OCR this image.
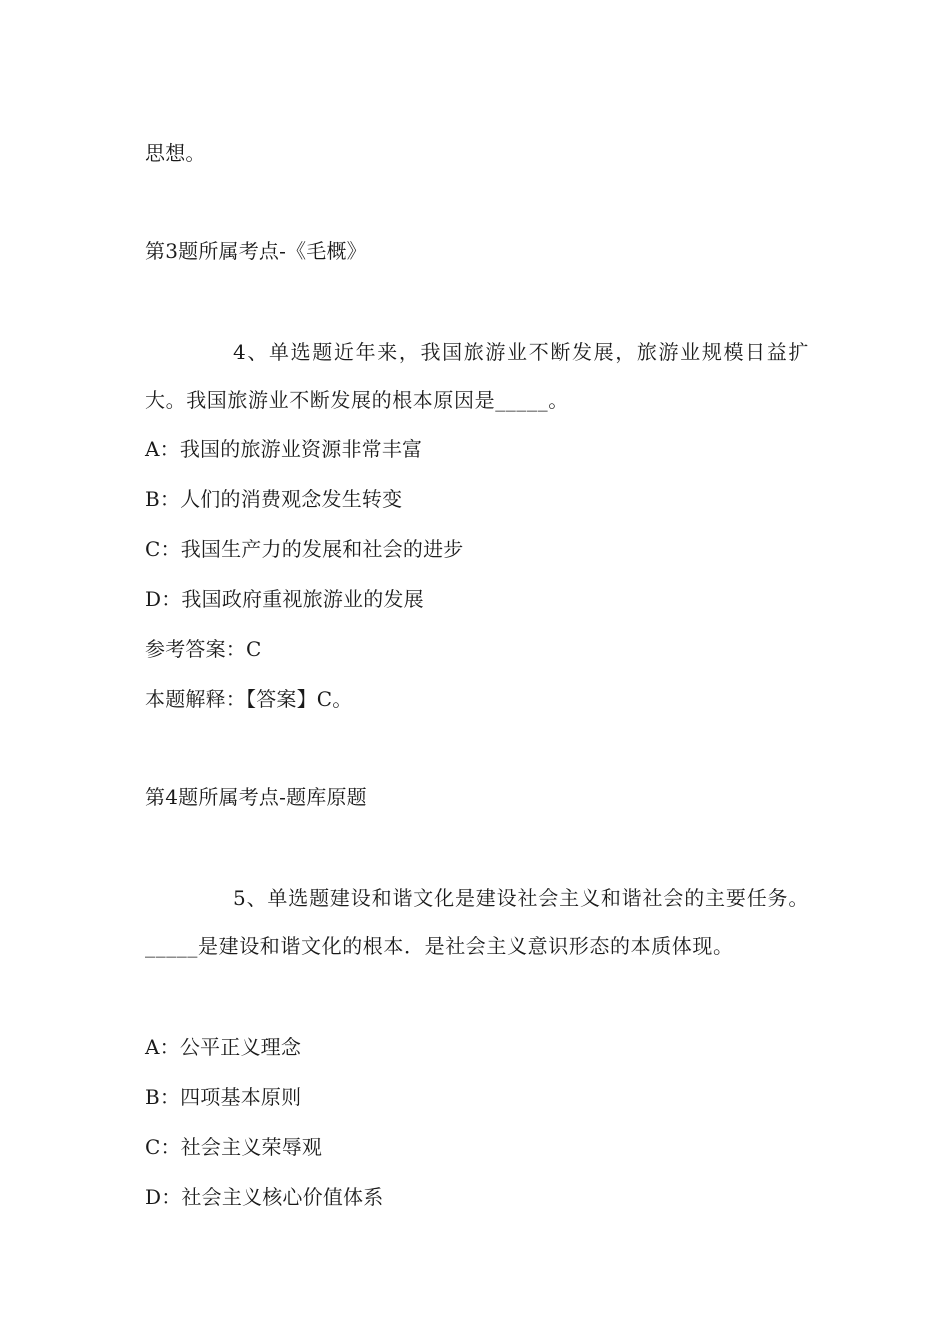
思想。
第3题所属考点-《毛概》
4、单选题近年来，我国旅游业不断发展，旅游业规模日益扩大。我国旅游业不断发展的根本原因是_____。
A：我国的旅游业资源非常丰富
B：人们的消费观念发生转变
C：我国生产力的发展和社会的进步
D：我国政府重视旅游业的发展
参考答案：C
本题解释：【答案】C。
第4题所属考点-题库原题
5、单选题建设和谐文化是建设社会主义和谐社会的主要任务。_____是建设和谐文化的根本．是社会主义意识形态的本质体现。
A：公平正义理念
B：四项基本原则
C：社会主义荣辱观
D：社会主义核心价值体系
